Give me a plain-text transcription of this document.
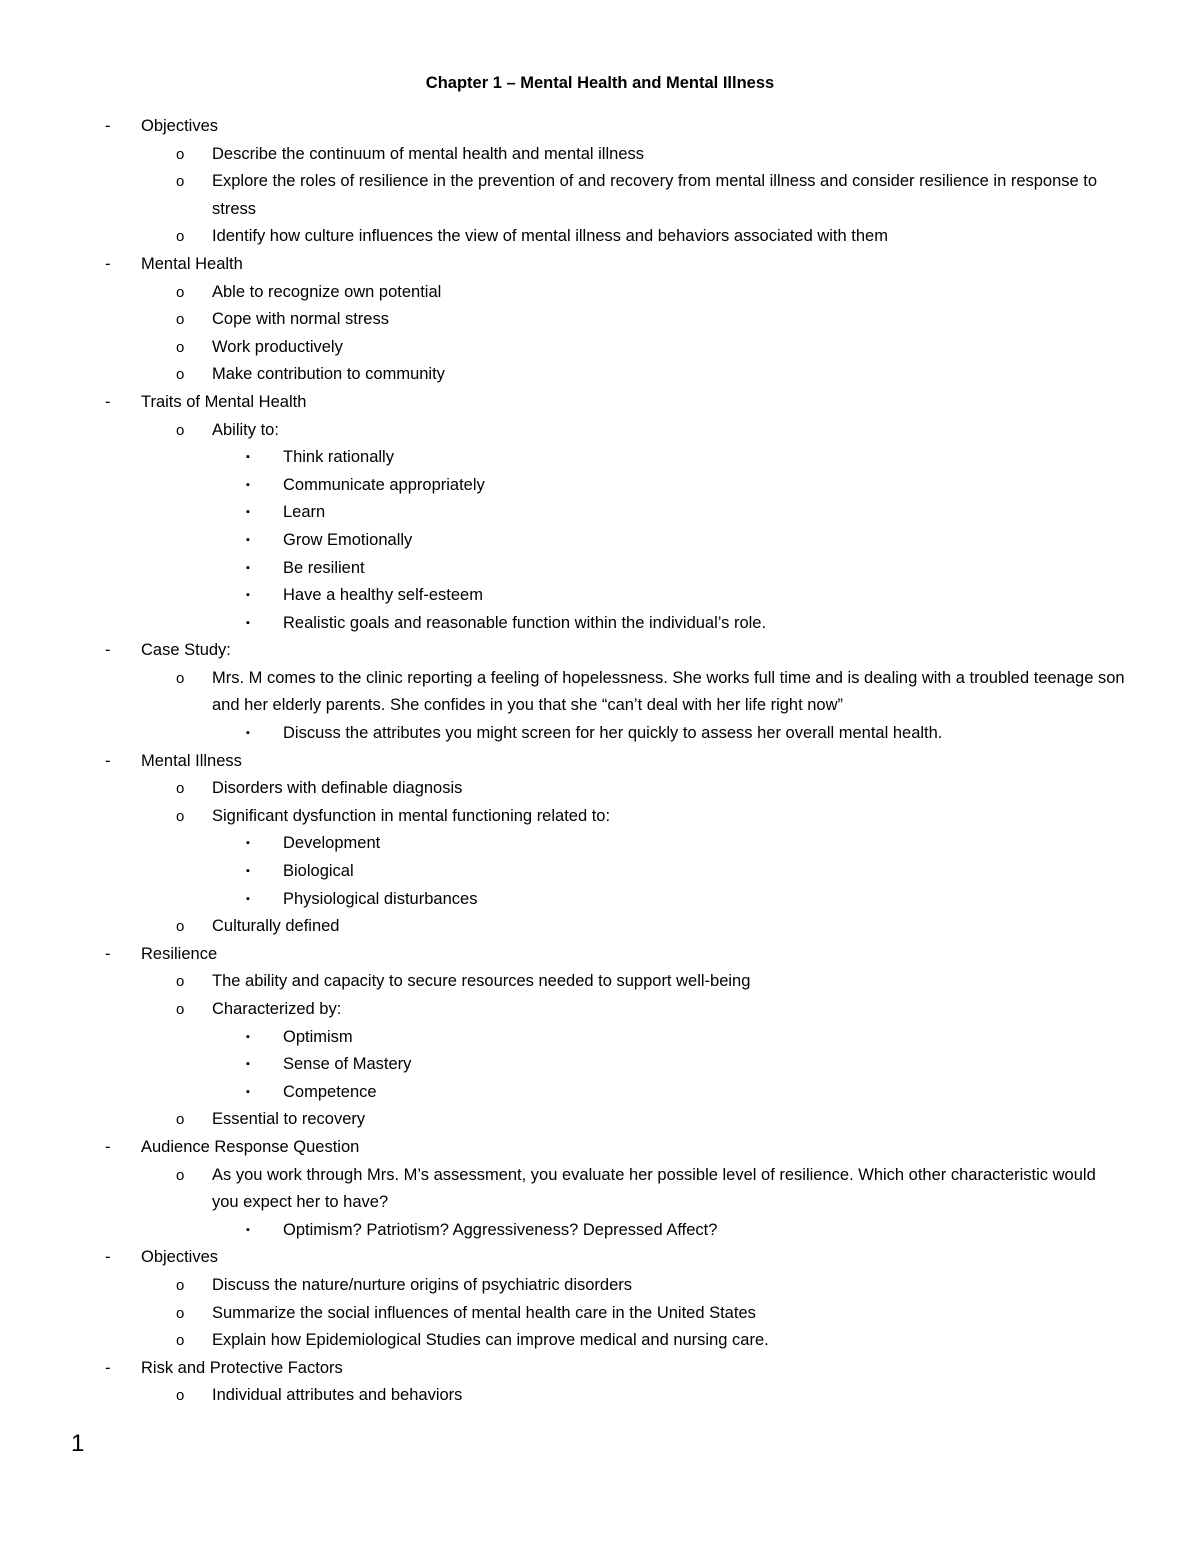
Chapter 1 – Mental Health and Mental Illness
-	Objectives
o	Describe the continuum of mental health and mental illness
o	Explore the roles of resilience in the prevention of and recovery from mental illness and consider resilience in response to stress
o	Identify how culture influences the view of mental illness and behaviors associated with them
-	Mental Health
o	Able to recognize own potential
o	Cope with normal stress
o	Work productively
o	Make contribution to community
-	Traits of Mental Health
o	Ability to:
▪	Think rationally
▪	Communicate appropriately
▪	Learn
▪	Grow Emotionally
▪	Be resilient
▪	Have a healthy self-esteem
▪	Realistic goals and reasonable function within the individual’s role.
-	Case Study:
o	Mrs. M comes to the clinic reporting a feeling of hopelessness. She works full time and is dealing with a troubled teenage son and her elderly parents. She confides in you that she “can’t deal with her life right now”
▪	Discuss the attributes you might screen for her quickly to assess her overall mental health.
-	Mental Illness
o	Disorders with definable diagnosis
o	Significant dysfunction in mental functioning related to:
▪	Development
▪	Biological
▪	Physiological disturbances
o	Culturally defined
-	Resilience
o	The ability and capacity to secure resources needed to support well-being
o	Characterized by:
▪	Optimism
▪	Sense of Mastery
▪	Competence
o	Essential to recovery
-	Audience Response Question
o	As you work through Mrs. M’s assessment, you evaluate her possible level of resilience. Which other characteristic would you expect her to have?
▪	Optimism? Patriotism? Aggressiveness? Depressed Affect?
-	Objectives
o	Discuss the nature/nurture origins of psychiatric disorders
o	Summarize the social influences of mental health care in the United States
o	Explain how Epidemiological Studies can improve medical and nursing care.
-	Risk and Protective Factors
o	Individual attributes and behaviors
1
